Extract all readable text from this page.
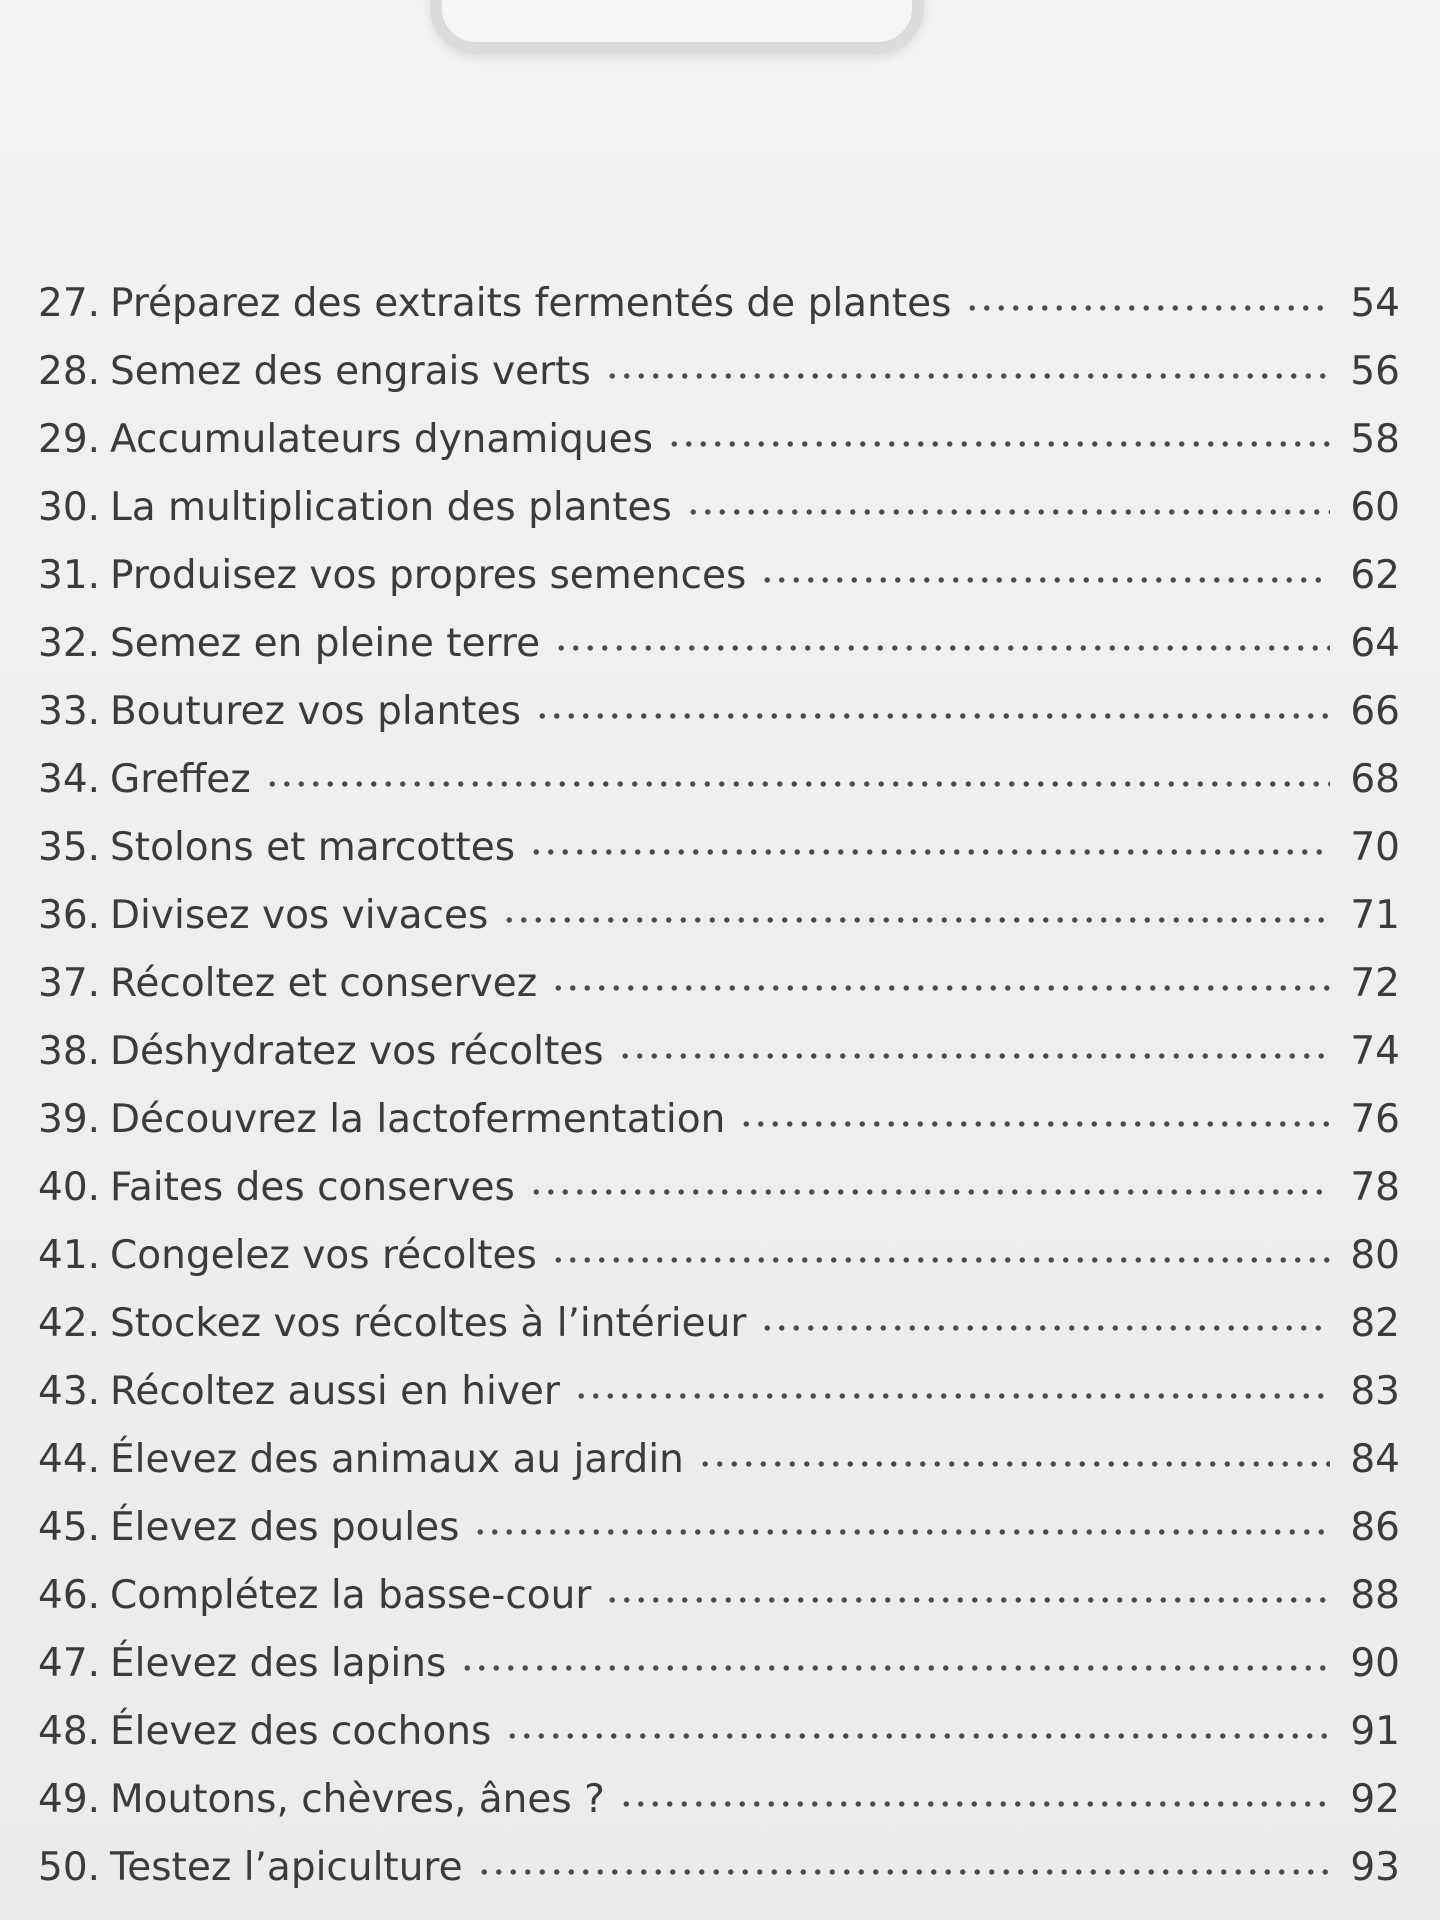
27. Préparez des extraits fermentés de plantes	54
28. Semez des engrais verts	56
29. Accumulateurs dynamiques	58
30. La multiplication des plantes	60
31. Produisez vos propres semences	62
32. Semez en pleine terre	64
33. Bouturez vos plantes	66
34. Greffez	68
35. Stolons et marcottes	70
36. Divisez vos vivaces	71
37. Récoltez et conservez	72
38. Déshydratez vos récoltes	74
39. Découvrez la lactofermentation	76
40. Faites des conserves	78
41. Congelez vos récoltes	80
42. Stockez vos récoltes à l’intérieur	82
43. Récoltez aussi en hiver	83
44. Élevez des animaux au jardin	84
45. Élevez des poules	86
46. Complétez la basse-cour	88
47. Élevez des lapins	90
48. Élevez des cochons	91
49. Moutons, chèvres, ânes ?	92
50. Testez l’apiculture	93
